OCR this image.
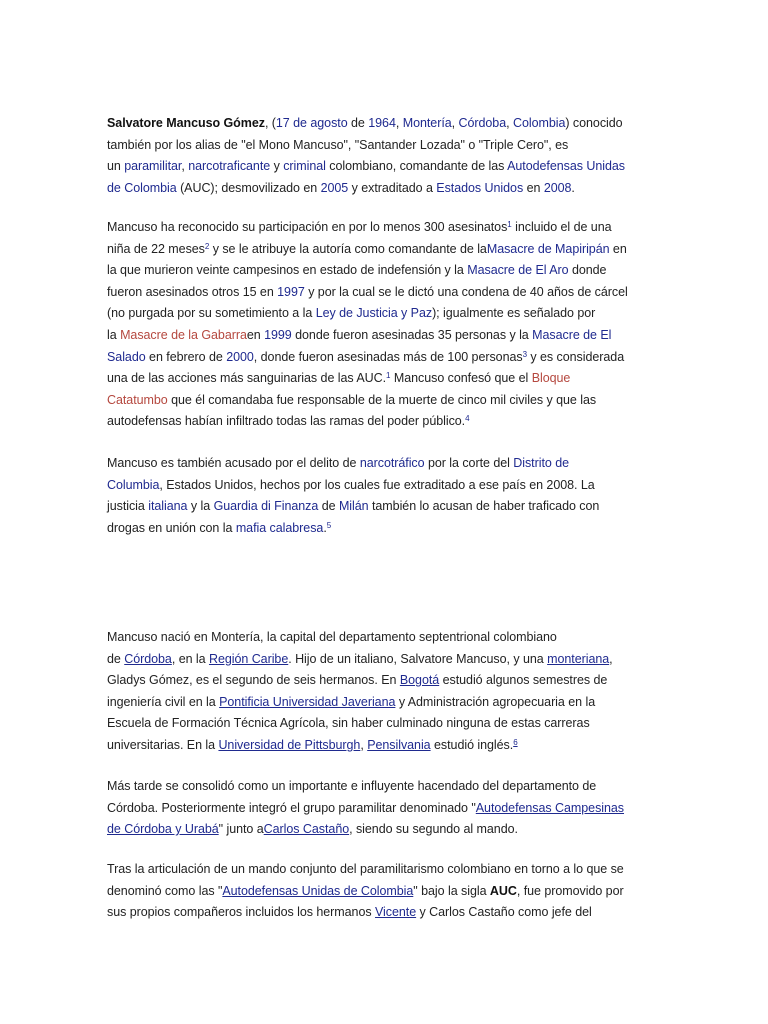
Salvatore Mancuso Gómez, (17 de agosto de 1964, Montería, Córdoba, Colombia) conocido

también por los alias de "el Mono Mancuso", "Santander Lozada" o "Triple Cero", es

un paramilitar, narcotraficante y criminal colombiano, comandante de las Autodefensas Unidas

de Colombia (AUC); desmovilizado en 2005 y extraditado a Estados Unidos en 2008.

Mancuso ha reconocido su participación en por lo menos 300 asesinatos$^1$ incluido el de una

niña de 22 meses$^2$ y se le atribuye la autoría como comandante de laMasacre de Mapiripán en

la que murieron veinte campesinos en estado de indefensión y la Masacre de El Aro donde

fueron asesinados otros 15 en 1997 y por la cual se le dictó una condena de 40 años de cárcel

(no purgada por su sometimiento a la Ley de Justicia y Paz); igualmente es señalado por

la Masacre de la Gabarraen 1999 donde fueron asesinadas 35 personas y la Masacre de El

Salado en febrero de 2000, donde fueron asesinadas más de 100 personas$^3$ y es considerada

una de las acciones más sanguinarias de las AUC.$^1$ Mancuso confesó que el Bloque

Catatumbo que él comandaba fue responsable de la muerte de cinco mil civiles y que las

autodefensas habían infiltrado todas las ramas del poder público.$^4$

Mancuso es también acusado por el delito de narcotráfico por la corte del Distrito de

Columbia, Estados Unidos, hechos por los cuales fue extraditado a ese país en 2008. La

justicia italiana y la Guardia di Finanza de Milán también lo acusan de haber traficado con

drogas en unión con la mafia calabresa.$^5$

Mancuso nació en Montería, la capital del departamento septentrional colombiano

de Córdoba, en la Región Caribe. Hijo de un italiano, Salvatore Mancuso, y una monteriana,

Gladys Gómez, es el segundo de seis hermanos. En Bogotá estudió algunos semestres de

ingeniería civil en la Pontificia Universidad Javeriana y Administración agropecuaria en la

Escuela de Formación Técnica Agrícola, sin haber culminado ninguna de estas carreras

universitarias. En la Universidad de Pittsburgh, Pensilvania estudió inglés.$^6$

Más tarde se consolidó como un importante e influyente hacendado del departamento de

Córdoba. Posteriormente integró el grupo paramilitar denominado "Autodefensas Campesinas

de Córdoba y Urabá" junto aCarlos Castaño, siendo su segundo al mando.

Tras la articulación de un mando conjunto del paramilitarismo colombiano en torno a lo que se

denominó como las "Autodefensas Unidas de Colombia" bajo la sigla AUC, fue promovido por

sus propios compañeros incluidos los hermanos Vicente y Carlos Castaño como jefe del
